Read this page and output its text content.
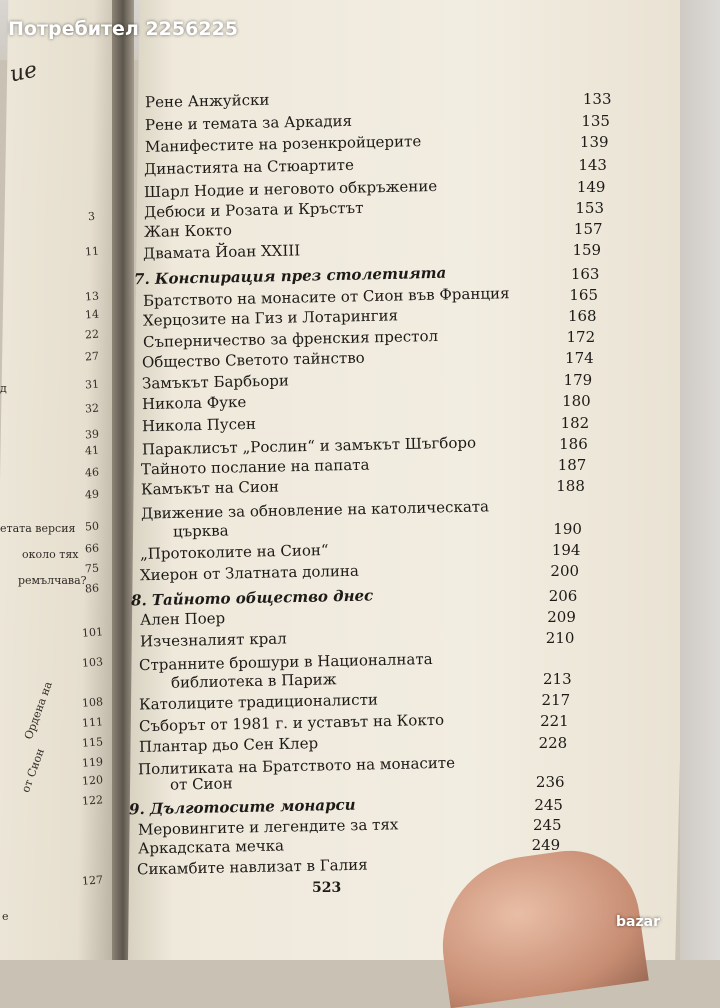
Потребител 2256225
ие
3
11
13
14
22
27
31
32
39
41
46
49
50
66
75
86
101
103
108
111
115
119
120
122
127
д
етата версия
около тях
ремълчава?
Ордена на
от Сион
е
Рене Анжуйски	133
Рене и темата за Аркадия	135
Манифестите на розенкройцерите	139
Династията на Стюартите	143
Шарл Нодие и неговото обкръжение	149
Дебюси и Розата и Кръстът	153
Жан Кокто	157
Двамата Йоан XXIII	159
7. Конспирация през столетията	163
Братството на монасите от Сион във Франция	165
Херцозите на Гиз и Лотарингия	168
Съперничество за френския престол	172
Общество Светото тайнство	174
Замъкът Барбьори	179
Никола Фуке	180
Никола Пусен	182
Параклисът „Рослин“ и замъкът Шъгборо	186
Тайното послание на папата	187
Камъкът на Сион	188
Движение за обновление на католическата
църква	190
„Протоколите на Сион“	194
Хиерон от Златната долина	200
8. Тайното общество днес	206
Ален Поер	209
Изчезналият крал	210
Странните брошури в Националната
библиотека в Париж	213
Католиците традиционалисти	217
Съборът от 1981 г. и уставът на Кокто	221
Плантар дьо Сен Клер	228
Политиката на Братството на монасите
от Сион	236
9. Дълготосите монарси	245
Меровингите и легендите за тях	245
Аркадската мечка	249
Сикамбите навлизат в Галия
523
bazar
